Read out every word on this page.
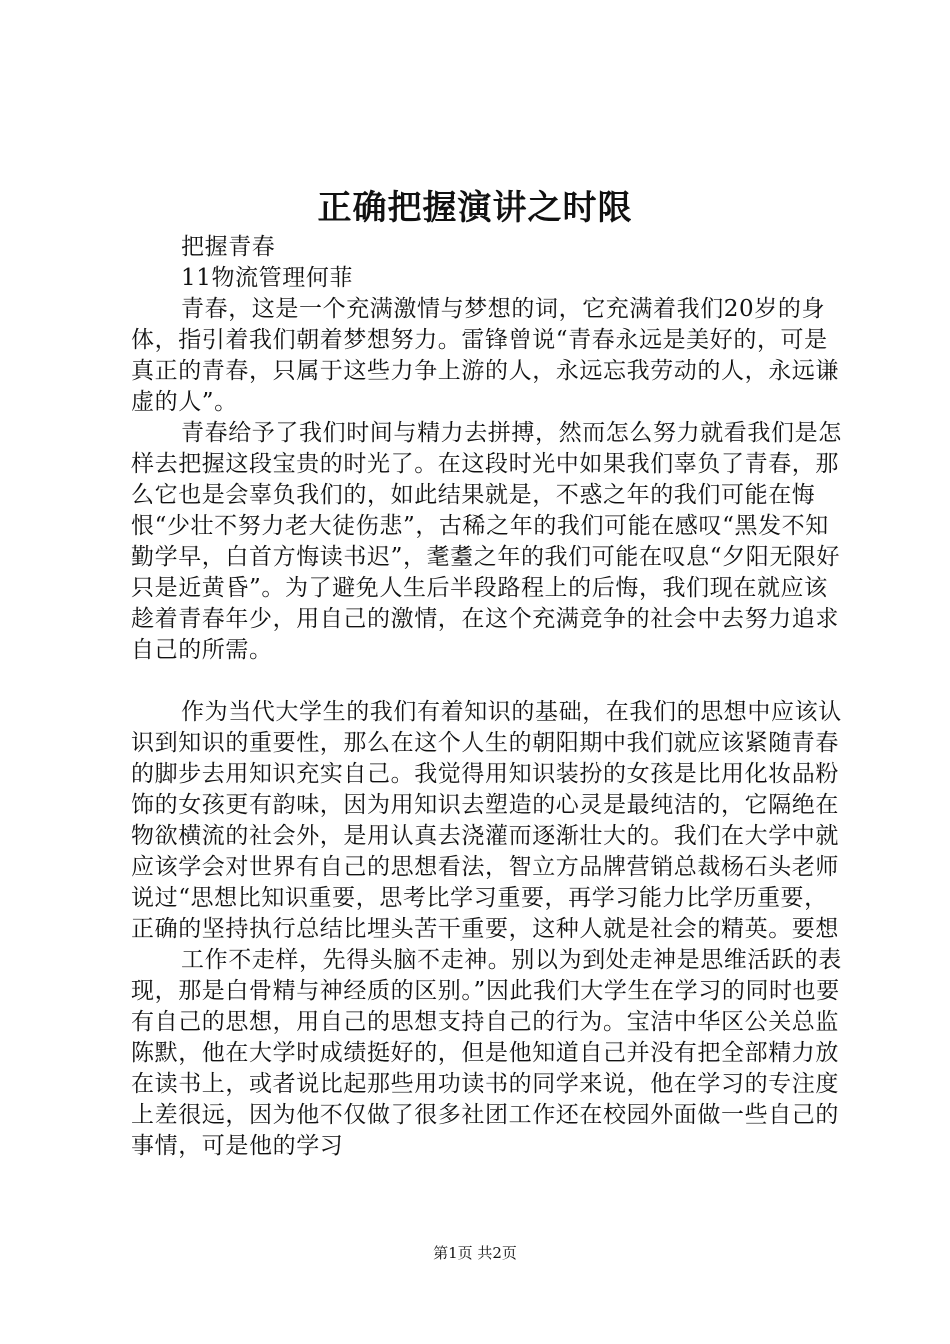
正确把握演讲之时限
把握青春
11物流管理何菲

青春，这是一个充满激情与梦想的词，它充满着我们20岁的身体，指引着我们朝着梦想努力。雷锋曾说“青春永远是美好的，可是真正的青春，只属于这些力争上游的人，永远忘我劳动的人，永远谦虚的人”。

青春给予了我们时间与精力去拼搏，然而怎么努力就看我们是怎样去把握这段宝贵的时光了。在这段时光中如果我们辜负了青春，那么它也是会辜负我们的，如此结果就是，不惑之年的我们可能在悔恨“少壮不努力老大徒伤悲”，古稀之年的我们可能在感叹“黑发不知勤学早，白首方悔读书迟”，耄耋之年的我们可能在叹息“夕阳无限好只是近黄昏”。为了避免人生后半段路程上的后悔，我们现在就应该趁着青春年少，用自己的激情，在这个充满竞争的社会中去努力追求自己的所需。

作为当代大学生的我们有着知识的基础，在我们的思想中应该认识到知识的重要性，那么在这个人生的朝阳期中我们就应该紧随青春的脚步去用知识充实自己。我觉得用知识装扮的女孩是比用化妆品粉饰的女孩更有韵味，因为用知识去塑造的心灵是最纯洁的，它隔绝在物欲横流的社会外，是用认真去浇灌而逐渐壮大的。我们在大学中就应该学会对世界有自己的思想看法，智立方品牌营销总裁杨石头老师说过“思想比知识重要，思考比学习重要，再学习能力比学历重要，正确的坚持执行总结比埋头苦干重要，这种人就是社会的精英。要想

工作不走样，先得头脑不走神。别以为到处走神是思维活跃的表现，那是白骨精与神经质的区别。”因此我们大学生在学习的同时也要有自己的思想，用自己的思想支持自己的行为。宝洁中华区公关总监陈默，他在大学时成绩挺好的，但是他知道自己并没有把全部精力放在读书上，或者说比起那些用功读书的同学来说，他在学习的专注度上差很远，因为他不仅做了很多社团工作还在校园外面做一些自己的事情，可是他的学习

第1页 共2页
